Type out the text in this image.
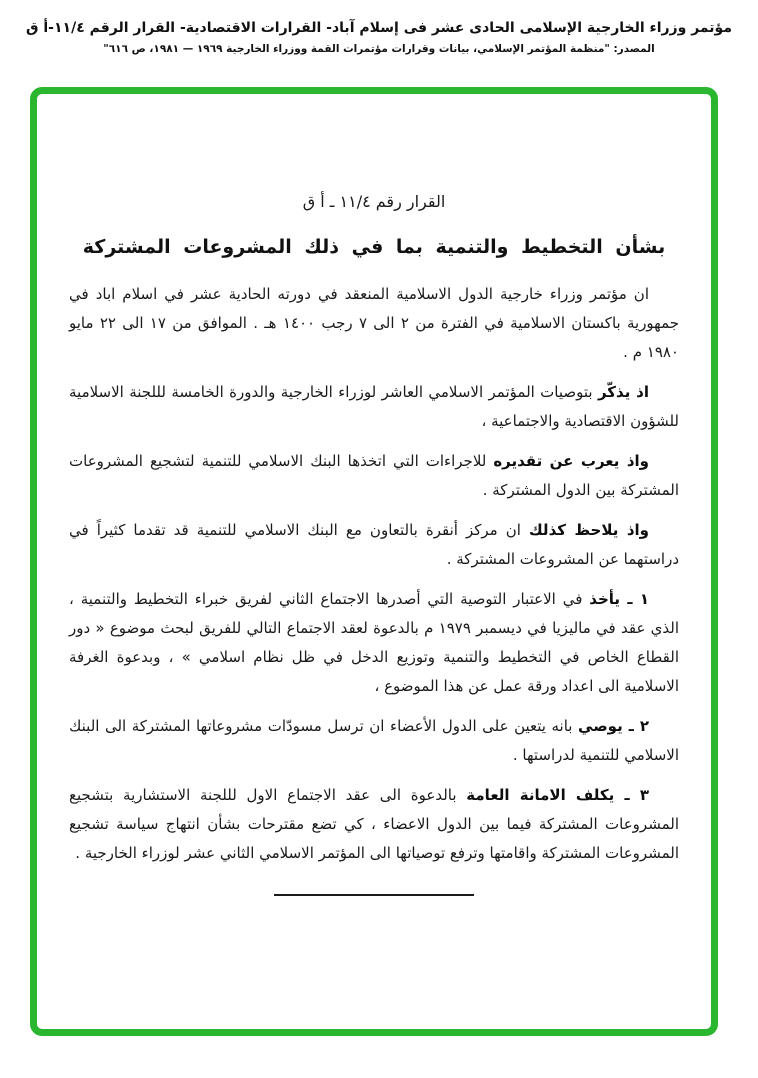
مؤتمر وزراء الخارجية الإسلامى الحادى عشر فى إسلام آباد- القرارات الاقتصادية- القرار الرقم ١١/٤-أ ق
المصدر: "منظمة المؤتمر الإسلامي، بيانات وقرارات مؤتمرات القمة ووزراء الخارجية ١٩٦٩ — ١٩٨١، ص ٦١٦"
القرار رقم ١١/٤ ـ أ ق
بشأن التخطيط والتنمية بما في ذلك المشروعات المشتركة

ان مؤتمر وزراء خارجية الدول الاسلامية المنعقد في دورته الحادية عشر في اسلام اباد في جمهورية باكستان الاسلامية في الفترة من ٢ الى ٧ رجب ١٤٠٠ هـ . الموافق من ١٧ الى ٢٢ مايو ١٩٨٠ م .

اذ يذكّر بتوصيات المؤتمر الاسلامي العاشر لوزراء الخارجية والدورة الخامسة لللجنة الاسلامية للشؤون الاقتصادية والاجتماعية ،

واذ يعرب عن تقديره للاجراءات التي اتخذها البنك الاسلامي للتنمية لتشجيع المشروعات المشتركة بين الدول المشتركة .

واذ يلاحظ كذلك ان مركز أنقرة بالتعاون مع البنك الاسلامي للتنمية قد تقدما كثيراً في دراستهما عن المشروعات المشتركة .

١ ـ يأخذ في الاعتبار التوصية التي أصدرها الاجتماع الثاني لفريق خبراء التخطيط والتنمية ، الذي عقد في ماليزيا في ديسمبر ١٩٧٩ م بالدعوة لعقد الاجتماع التالي للفريق لبحث موضوع « دور القطاع الخاص في التخطيط والتنمية وتوزيع الدخل في ظل نظام اسلامي » ، وبدعوة الغرفة الاسلامية الى اعداد ورقة عمل عن هذا الموضوع ،

٢ ـ يوصي بانه يتعين على الدول الأعضاء ان ترسل مسودّات مشروعاتها المشتركة الى البنك الاسلامي للتنمية لدراستها .

٣ ـ يكلف الامانة العامة بالدعوة الى عقد الاجتماع الاول لللجنة الاستشارية بتشجيع المشروعات المشتركة فيما بين الدول الاعضاء ، كي تضع مقترحات بشأن انتهاج سياسة تشجيع المشروعات المشتركة واقامتها وترفع توصياتها الى المؤتمر الاسلامي الثاني عشر لوزراء الخارجية .
